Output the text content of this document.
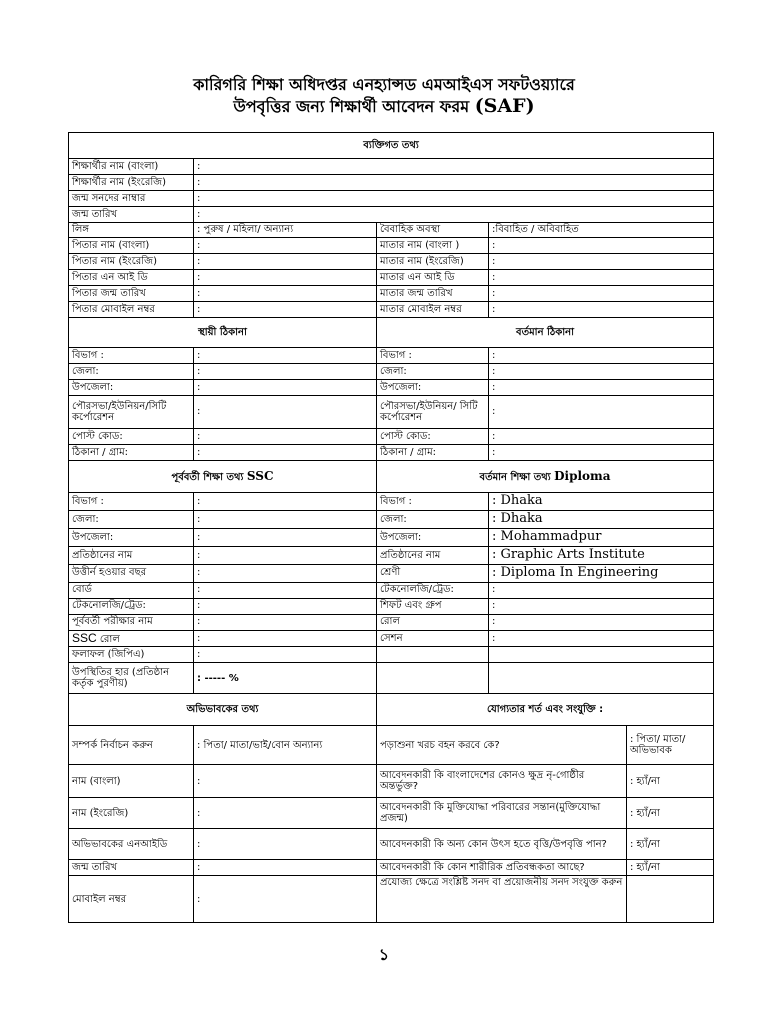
কারিগরি শিক্ষা অধিদপ্তর এনহ্যান্সড এমআইএস সফটওয়্যারে
উপবৃত্তির জন্য শিক্ষার্থী আবেদন ফরম (SAF)
ব্যক্তিগত তথ্য				
শিক্ষার্থীর নাম (বাংলা)	:			
শিক্ষার্থীর নাম (ইংরেজি)	:			
জন্ম সনদের নাম্বার	:			
জন্ম তারিখ	:			
লিঙ্গ	: পুরুষ / মহিলা/ অন্যান্য	বৈবাহিক অবস্থা	:বিবাহিত / অবিবাহিত	
পিতার নাম (বাংলা)	:	মাতার নাম (বাংলা )	:	
পিতার নাম (ইংরেজি)	:	মাতার নাম (ইংরেজি)	:	
পিতার এন আই ডি	:	মাতার এন আই ডি	:	
পিতার জন্ম তারিখ	:	মাতার জন্ম তারিখ	:	
পিতার মোবাইল নম্বর	:	মাতার মোবাইল নম্বর	:	
স্থায়ী ঠিকানা		বর্তমান ঠিকানা		
বিভাগ :	:	বিভাগ :	:	
জেলা:	:	জেলা:	:	
উপজেলা:	:	উপজেলা:	:	
পৌরসভা/ইউনিয়ন/সিটি কর্পোরেশন	:	পৌরসভা/ইউনিয়ন/ সিটি কর্পোরেশন	:	
পোস্ট কোড:	:	পোস্ট কোড:	:	
ঠিকানা / গ্রাম:	:	ঠিকানা / গ্রাম:	:	
পূর্ববর্তী শিক্ষা তথ্য SSC		বর্তমান শিক্ষা তথ্য Diploma		
বিভাগ :	:	বিভাগ :	: Dhaka	
জেলা:	:	জেলা:	: Dhaka	
উপজেলা:	:	উপজেলা:	: Mohammadpur	
প্রতিষ্ঠানের নাম	:	প্রতিষ্ঠানের নাম	: Graphic Arts Institute	
উত্তীর্ন হওয়ার বছর	:	শ্রেণী	: Diploma In Engineering	
বোর্ড	:	টেকনোলজি/ট্রেড:	:	
টেকনোলজি/ট্রেড:	:	শিফট এবং গ্রুপ	:	
পূর্ববর্তী পরীক্ষার নাম	:	রোল	:	
SSC রোল	:	সেশন	:	
ফলাফল (জিপিএ)	:			
উপস্থিতির হার (প্রতিষ্ঠান কর্তৃক পুরণীয়)	: ----- %			
অভিভাবকের তথ্য		যোগ্যতার শর্ত এবং সংযুক্তি :		
সম্পর্ক নির্বাচন করুন	: পিতা/ মাতা/ভাই/বোন অন্যান্য	পড়াশুনা খরচ বহন করবে কে?		: পিতা/ মাতা/ অভিভাবক
নাম (বাংলা)	:	আবেদনকারী কি বাংলাদেশের কোনও ক্ষুদ্র নৃ-গোষ্ঠীর অন্তর্ভুক্ত?		: হ্যাঁ/না
নাম (ইংরেজি)	:	আবেদনকারী কি মুক্তিযোদ্ধা পরিবারের সন্তান(মুক্তিযোদ্ধা প্রজন্ম)		: হ্যাঁ/না
অভিভাবকের এনআইডি	:	আবেদনকারী কি অন্য কোন উৎস হতে বৃত্তি/উপবৃত্তি পান?		: হ্যাঁ/না
জন্ম তারিখ	:	আবেদনকারী কি কোন শারীরিক প্রতিবন্ধকতা আছে?		: হ্যাঁ/না
মোবাইল নম্বর	:	প্রযোজ্য ক্ষেত্রে সংশ্লিষ্ট সনদ বা প্রয়োজনীয় সনদ সংযুক্ত করুন		
১
